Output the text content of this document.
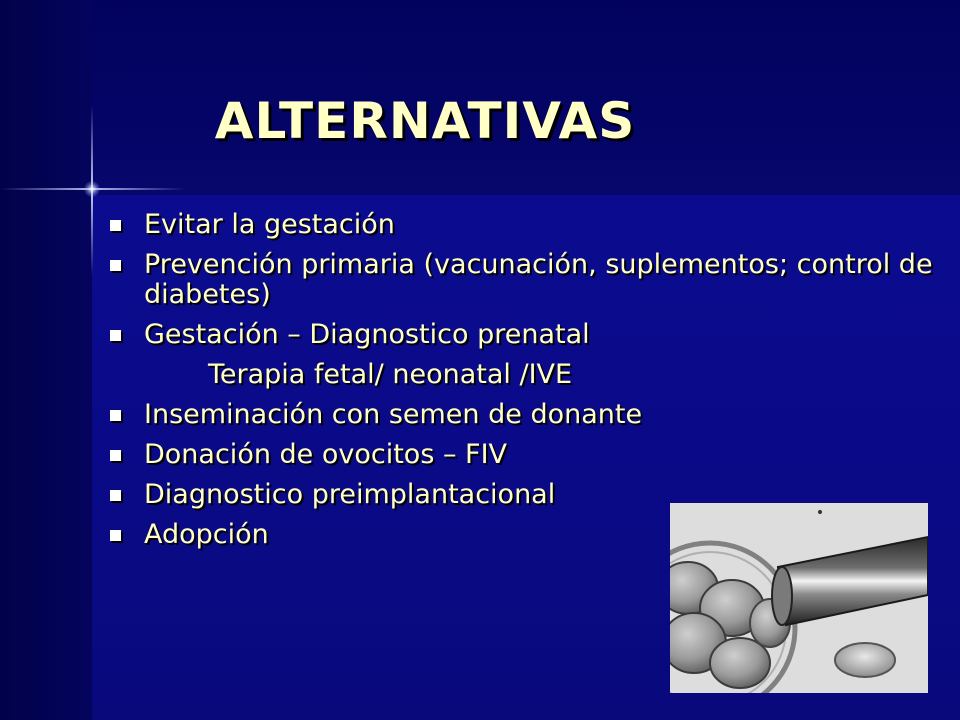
ALTERNATIVAS
Evitar la gestación
Prevención primaria (vacunación, suplementos; control de diabetes)
Gestación – Diagnostico prenatal
Terapia fetal/ neonatal /IVE
Inseminación con semen de donante
Donación de ovocitos – FIV
Diagnostico preimplantacional
Adopción
